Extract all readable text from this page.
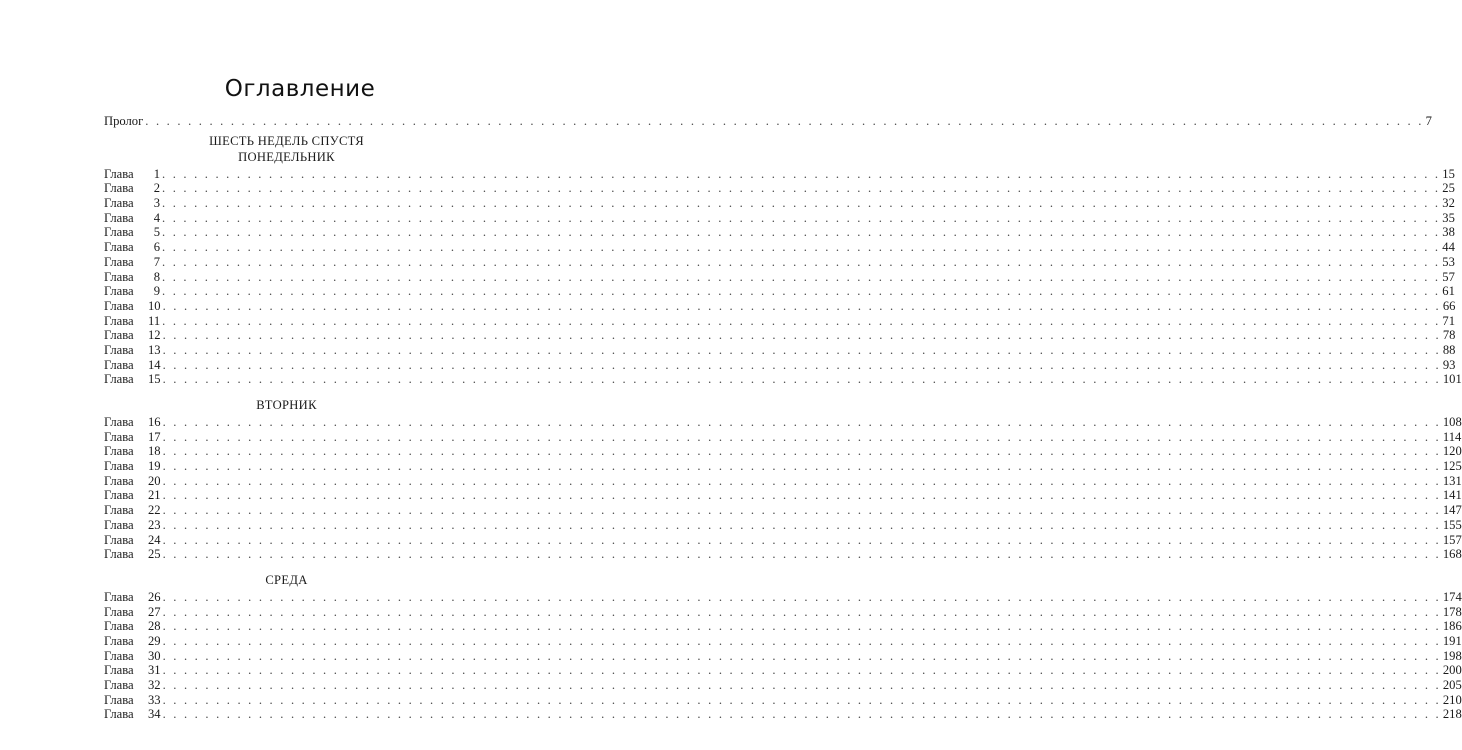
Оглавление
Пролог . . . . . . . . . . . . . . . . . . . . . . . . . . . . . . . . . . . . . . . . . . . . . . . . . . . . . . . . . . . . . . . . . . . . . . . . . . . . . . . . . . . . . . . . . . . . . . . . . . . . . . . . . . . . . . . . . . . . . . . . 7
ШЕСТЬ НЕДЕЛЬ СПУСТЯ
ПОНЕДЕЛЬНИК
Глава 1 . . . . . . . . . . . . . . . . . . . . . . . . . . . . . . . . . . . . . . . . . . . . . . . . . . . . . . . . . . . . . . . . . . . . . . . . . . . . . . . . . . . . . . . . . . . . . . . . . . . . . . . . . . . . . . . . . . . . . . . . 15
Глава 2 . . . . . . . . . . . . . . . . . . . . . . . . . . . . . . . . . . . . . . . . . . . . . . . . . . . . . . . . . . . . . . . . . . . . . . . . . . . . . . . . . . . . . . . . . . . . . . . . . . . . . . . . . . . . . . . . . . . . . . . . 25
Глава 3 . . . . . . . . . . . . . . . . . . . . . . . . . . . . . . . . . . . . . . . . . . . . . . . . . . . . . . . . . . . . . . . . . . . . . . . . . . . . . . . . . . . . . . . . . . . . . . . . . . . . . . . . . . . . . . . . . . . . . . . . 32
Глава 4 . . . . . . . . . . . . . . . . . . . . . . . . . . . . . . . . . . . . . . . . . . . . . . . . . . . . . . . . . . . . . . . . . . . . . . . . . . . . . . . . . . . . . . . . . . . . . . . . . . . . . . . . . . . . . . . . . . . . . . . . 35
Глава 5 . . . . . . . . . . . . . . . . . . . . . . . . . . . . . . . . . . . . . . . . . . . . . . . . . . . . . . . . . . . . . . . . . . . . . . . . . . . . . . . . . . . . . . . . . . . . . . . . . . . . . . . . . . . . . . . . . . . . . . . . 38
Глава 6 . . . . . . . . . . . . . . . . . . . . . . . . . . . . . . . . . . . . . . . . . . . . . . . . . . . . . . . . . . . . . . . . . . . . . . . . . . . . . . . . . . . . . . . . . . . . . . . . . . . . . . . . . . . . . . . . . . . . . . . . 44
Глава 7 . . . . . . . . . . . . . . . . . . . . . . . . . . . . . . . . . . . . . . . . . . . . . . . . . . . . . . . . . . . . . . . . . . . . . . . . . . . . . . . . . . . . . . . . . . . . . . . . . . . . . . . . . . . . . . . . . . . . . . . . 53
Глава 8 . . . . . . . . . . . . . . . . . . . . . . . . . . . . . . . . . . . . . . . . . . . . . . . . . . . . . . . . . . . . . . . . . . . . . . . . . . . . . . . . . . . . . . . . . . . . . . . . . . . . . . . . . . . . . . . . . . . . . . . . 57
Глава 9 . . . . . . . . . . . . . . . . . . . . . . . . . . . . . . . . . . . . . . . . . . . . . . . . . . . . . . . . . . . . . . . . . . . . . . . . . . . . . . . . . . . . . . . . . . . . . . . . . . . . . . . . . . . . . . . . . . . . . . . . 61
Глава 10 . . . . . . . . . . . . . . . . . . . . . . . . . . . . . . . . . . . . . . . . . . . . . . . . . . . . . . . . . . . . . . . . . . . . . . . . . . . . . . . . . . . . . . . . . . . . . . . . . . . . . . . . . . . . . . . . . . . . . . . . 66
Глава 11 . . . . . . . . . . . . . . . . . . . . . . . . . . . . . . . . . . . . . . . . . . . . . . . . . . . . . . . . . . . . . . . . . . . . . . . . . . . . . . . . . . . . . . . . . . . . . . . . . . . . . . . . . . . . . . . . . . . . . . . . 71
Глава 12 . . . . . . . . . . . . . . . . . . . . . . . . . . . . . . . . . . . . . . . . . . . . . . . . . . . . . . . . . . . . . . . . . . . . . . . . . . . . . . . . . . . . . . . . . . . . . . . . . . . . . . . . . . . . . . . . . . . . . . . . 78
Глава 13 . . . . . . . . . . . . . . . . . . . . . . . . . . . . . . . . . . . . . . . . . . . . . . . . . . . . . . . . . . . . . . . . . . . . . . . . . . . . . . . . . . . . . . . . . . . . . . . . . . . . . . . . . . . . . . . . . . . . . . . . 88
Глава 14 . . . . . . . . . . . . . . . . . . . . . . . . . . . . . . . . . . . . . . . . . . . . . . . . . . . . . . . . . . . . . . . . . . . . . . . . . . . . . . . . . . . . . . . . . . . . . . . . . . . . . . . . . . . . . . . . . . . . . . . . 93
Глава 15 . . . . . . . . . . . . . . . . . . . . . . . . . . . . . . . . . . . . . . . . . . . . . . . . . . . . . . . . . . . . . . . . . . . . . . . . . . . . . . . . . . . . . . . . . . . . . . . . . . . . . . . . . . . . . . . . . . . . . . . . 101
ВТОРНИК
Глава 16 . . . . . . . . . . . . . . . . . . . . . . . . . . . . . . . . . . . . . . . . . . . . . . . . . . . . . . . . . . . . . . . . . . . . . . . . . . . . . . . . . . . . . . . . . . . . . . . . . . . . . . . . . . . . . . . . . . . . . . . . 108
Глава 17 . . . . . . . . . . . . . . . . . . . . . . . . . . . . . . . . . . . . . . . . . . . . . . . . . . . . . . . . . . . . . . . . . . . . . . . . . . . . . . . . . . . . . . . . . . . . . . . . . . . . . . . . . . . . . . . . . . . . . . . . 114
Глава 18 . . . . . . . . . . . . . . . . . . . . . . . . . . . . . . . . . . . . . . . . . . . . . . . . . . . . . . . . . . . . . . . . . . . . . . . . . . . . . . . . . . . . . . . . . . . . . . . . . . . . . . . . . . . . . . . . . . . . . . . . 120
Глава 19 . . . . . . . . . . . . . . . . . . . . . . . . . . . . . . . . . . . . . . . . . . . . . . . . . . . . . . . . . . . . . . . . . . . . . . . . . . . . . . . . . . . . . . . . . . . . . . . . . . . . . . . . . . . . . . . . . . . . . . . . 125
Глава 20 . . . . . . . . . . . . . . . . . . . . . . . . . . . . . . . . . . . . . . . . . . . . . . . . . . . . . . . . . . . . . . . . . . . . . . . . . . . . . . . . . . . . . . . . . . . . . . . . . . . . . . . . . . . . . . . . . . . . . . . . 131
Глава 21 . . . . . . . . . . . . . . . . . . . . . . . . . . . . . . . . . . . . . . . . . . . . . . . . . . . . . . . . . . . . . . . . . . . . . . . . . . . . . . . . . . . . . . . . . . . . . . . . . . . . . . . . . . . . . . . . . . . . . . . . 141
Глава 22 . . . . . . . . . . . . . . . . . . . . . . . . . . . . . . . . . . . . . . . . . . . . . . . . . . . . . . . . . . . . . . . . . . . . . . . . . . . . . . . . . . . . . . . . . . . . . . . . . . . . . . . . . . . . . . . . . . . . . . . . 147
Глава 23 . . . . . . . . . . . . . . . . . . . . . . . . . . . . . . . . . . . . . . . . . . . . . . . . . . . . . . . . . . . . . . . . . . . . . . . . . . . . . . . . . . . . . . . . . . . . . . . . . . . . . . . . . . . . . . . . . . . . . . . . 155
Глава 24 . . . . . . . . . . . . . . . . . . . . . . . . . . . . . . . . . . . . . . . . . . . . . . . . . . . . . . . . . . . . . . . . . . . . . . . . . . . . . . . . . . . . . . . . . . . . . . . . . . . . . . . . . . . . . . . . . . . . . . . . 157
Глава 25 . . . . . . . . . . . . . . . . . . . . . . . . . . . . . . . . . . . . . . . . . . . . . . . . . . . . . . . . . . . . . . . . . . . . . . . . . . . . . . . . . . . . . . . . . . . . . . . . . . . . . . . . . . . . . . . . . . . . . . . . 168
СРЕДА
Глава 26 . . . . . . . . . . . . . . . . . . . . . . . . . . . . . . . . . . . . . . . . . . . . . . . . . . . . . . . . . . . . . . . . . . . . . . . . . . . . . . . . . . . . . . . . . . . . . . . . . . . . . . . . . . . . . . . . . . . . . . . . 174
Глава 27 . . . . . . . . . . . . . . . . . . . . . . . . . . . . . . . . . . . . . . . . . . . . . . . . . . . . . . . . . . . . . . . . . . . . . . . . . . . . . . . . . . . . . . . . . . . . . . . . . . . . . . . . . . . . . . . . . . . . . . . . 178
Глава 28 . . . . . . . . . . . . . . . . . . . . . . . . . . . . . . . . . . . . . . . . . . . . . . . . . . . . . . . . . . . . . . . . . . . . . . . . . . . . . . . . . . . . . . . . . . . . . . . . . . . . . . . . . . . . . . . . . . . . . . . . 186
Глава 29 . . . . . . . . . . . . . . . . . . . . . . . . . . . . . . . . . . . . . . . . . . . . . . . . . . . . . . . . . . . . . . . . . . . . . . . . . . . . . . . . . . . . . . . . . . . . . . . . . . . . . . . . . . . . . . . . . . . . . . . . 191
Глава 30 . . . . . . . . . . . . . . . . . . . . . . . . . . . . . . . . . . . . . . . . . . . . . . . . . . . . . . . . . . . . . . . . . . . . . . . . . . . . . . . . . . . . . . . . . . . . . . . . . . . . . . . . . . . . . . . . . . . . . . . . 198
Глава 31 . . . . . . . . . . . . . . . . . . . . . . . . . . . . . . . . . . . . . . . . . . . . . . . . . . . . . . . . . . . . . . . . . . . . . . . . . . . . . . . . . . . . . . . . . . . . . . . . . . . . . . . . . . . . . . . . . . . . . . . . 200
Глава 32 . . . . . . . . . . . . . . . . . . . . . . . . . . . . . . . . . . . . . . . . . . . . . . . . . . . . . . . . . . . . . . . . . . . . . . . . . . . . . . . . . . . . . . . . . . . . . . . . . . . . . . . . . . . . . . . . . . . . . . . . 205
Глава 33 . . . . . . . . . . . . . . . . . . . . . . . . . . . . . . . . . . . . . . . . . . . . . . . . . . . . . . . . . . . . . . . . . . . . . . . . . . . . . . . . . . . . . . . . . . . . . . . . . . . . . . . . . . . . . . . . . . . . . . . . 210
Глава 34 . . . . . . . . . . . . . . . . . . . . . . . . . . . . . . . . . . . . . . . . . . . . . . . . . . . . . . . . . . . . . . . . . . . . . . . . . . . . . . . . . . . . . . . . . . . . . . . . . . . . . . . . . . . . . . . . . . . . . . . . 218
